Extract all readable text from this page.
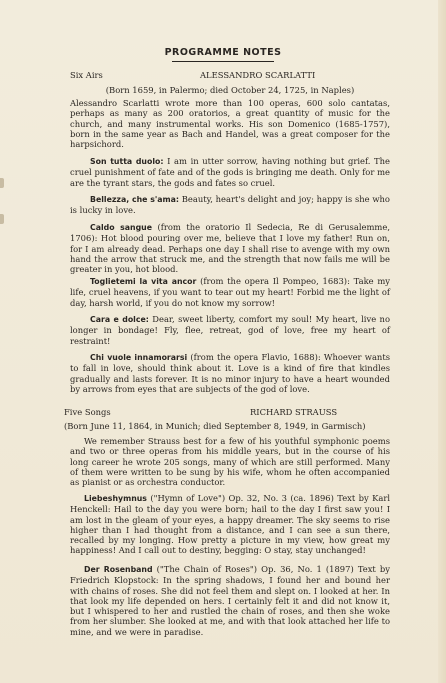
PROGRAMME NOTES
Six Airs	ALESSANDRO SCARLATTI
(Born 1659, in Palermo; died October 24, 1725, in Naples)
Alessandro Scarlatti wrote more than 100 operas, 600 solo cantatas, perhaps as many as 200 oratorios, a great quantity of music for the church, and many instrumental works. His son Domenico (1685-1757), born in the same year as Bach and Handel, was a great composer for the harpsichord.
Son tutta duolo: I am in utter sorrow, having nothing but grief. The cruel punishment of fate and of the gods is bringing me death. Only for me are the tyrant stars, the gods and fates so cruel.
Bellezza, che s'ama: Beauty, heart's delight and joy; happy is she who is lucky in love.
Caldo sangue (from the oratorio Il Sedecia, Re di Gerusalemme, 1706): Hot blood pouring over me, believe that I love my father! Run on, for I am already dead. Perhaps one day I shall rise to avenge with my own hand the arrow that struck me, and the strength that now fails me will be greater in you, hot blood.
Toglietemi la vita ancor (from the opera Il Pompeo, 1683): Take my life, cruel heavens, if you want to tear out my heart! Forbid me the light of day, harsh world, if you do not know my sorrow!
Cara e dolce: Dear, sweet liberty, comfort my soul! My heart, live no longer in bondage! Fly, flee, retreat, god of love, free my heart of restraint!
Chi vuole innamorarsi (from the opera Flavio, 1688): Whoever wants to fall in love, should think about it. Love is a kind of fire that kindles gradually and lasts forever. It is no minor injury to have a heart wounded by arrows from eyes that are subjects of the god of love.
Five Songs	RICHARD STRAUSS
(Born June 11, 1864, in Munich; died September 8, 1949, in Garmisch)
We remember Strauss best for a few of his youthful symphonic poems and two or three operas from his middle years, but in the course of his long career he wrote 205 songs, many of which are still performed. Many of them were written to be sung by his wife, whom he often accompanied as pianist or as orchestra conductor.
Liebeshymnus ("Hymn of Love") Op. 32, No. 3 (ca. 1896) Text by Karl Henckell: Hail to the day you were born; hail to the day I first saw you! I am lost in the gleam of your eyes, a happy dreamer. The sky seems to rise higher than I had thought from a distance, and I can see a sun there, recalled by my longing. How pretty a picture in my view, how great my happiness! And I call out to destiny, begging: O stay, stay unchanged!
Der Rosenband ("The Chain of Roses") Op. 36, No. 1 (1897) Text by Friedrich Klopstock: In the spring shadows, I found her and bound her with chains of roses. She did not feel them and slept on. I looked at her. In that look my life depended on hers. I certainly felt it and did not know it, but I whispered to her and rustled the chain of roses, and then she woke from her slumber. She looked at me, and with that look attached her life to mine, and we were in paradise.
